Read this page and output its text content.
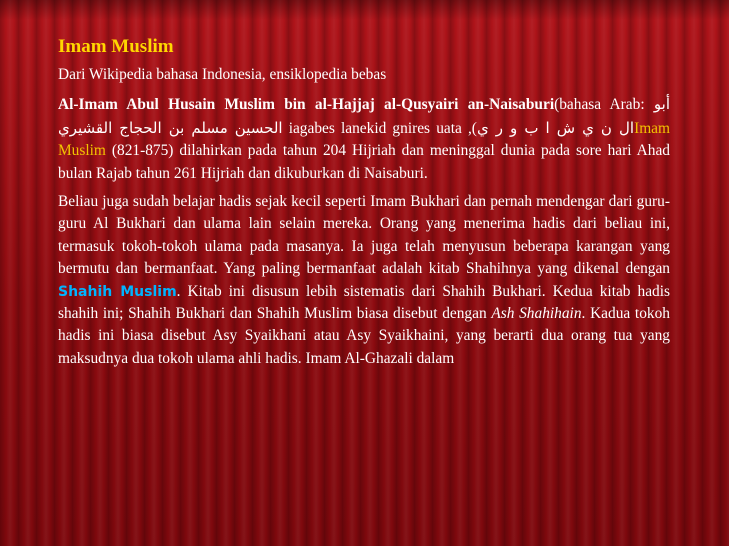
Imam Muslim
Dari Wikipedia bahasa Indonesia, ensiklopedia bebas

Al-Imam Abul Husain Muslim bin al-Hajjaj al-Qusyairi an-Naisaburi(bahasa Arab: أبو الحسين مسلم بن الحجاج القشيري iagabes lanekid gnires uata ,(ال ن ي ش ا ب و ر يImam Muslim (821-875) dilahirkan pada tahun 204 Hijriah dan meninggal dunia pada sore hari Ahad bulan Rajab tahun 261 Hijriah dan dikuburkan di Naisaburi.

Beliau juga sudah belajar hadis sejak kecil seperti Imam Bukhari dan pernah mendengar dari guru-guru Al Bukhari dan ulama lain selain mereka. Orang yang menerima hadis dari beliau ini, termasuk tokoh-tokoh ulama pada masanya. Ia juga telah menyusun beberapa karangan yang bermutu dan bermanfaat. Yang paling bermanfaat adalah kitab Shahihnya yang dikenal dengan Shahih Muslim. Kitab ini disusun lebih sistematis dari Shahih Bukhari. Kedua kitab hadis shahih ini; Shahih Bukhari dan Shahih Muslim biasa disebut dengan Ash Shahihain. Kadua tokoh hadis ini biasa disebut Asy Syaikhani atau Asy Syaikhaini, yang berarti dua orang tua yang maksudnya dua tokoh ulama ahli hadis. Imam Al-Ghazali dalam
